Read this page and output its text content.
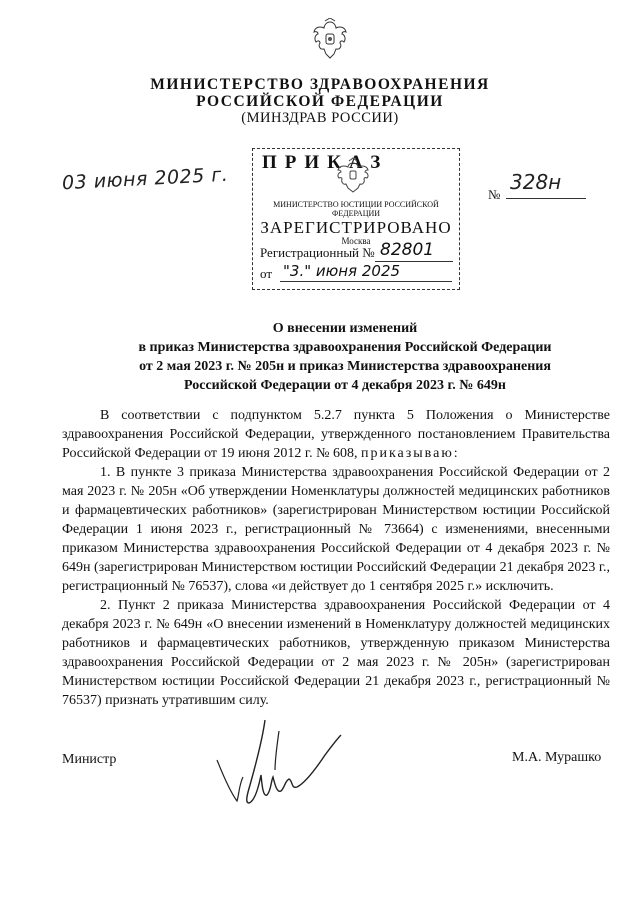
МИНИСТЕРСТВО ЗДРАВООХРАНЕНИЯ
РОССИЙСКОЙ ФЕДЕРАЦИИ
(МИНЗДРАВ РОССИИ)
03 июня 2025 г.
№
328н
ПРИКАЗ
МИНИСТЕРСТВО ЮСТИЦИИ РОССИЙСКОЙ ФЕДЕРАЦИИ
ЗАРЕГИСТРИРОВАНО
Москва
Регистрационный № 82801
от "3." июня 2025
О внесении изменений
в приказ Министерства здравоохранения Российской Федерации
от 2 мая 2023 г. № 205н и приказ Министерства здравоохранения
Российской Федерации от 4 декабря 2023 г. № 649н

В соответствии с подпунктом 5.2.7 пункта 5 Положения о Министерстве здравоохранения Российской Федерации, утвержденного постановлением Правительства Российской Федерации от 19 июня 2012 г. № 608, приказываю:

1. В пункте 3 приказа Министерства здравоохранения Российской Федерации от 2 мая 2023 г. № 205н «Об утверждении Номенклатуры должностей медицинских работников и фармацевтических работников» (зарегистрирован Министерством юстиции Российской Федерации 1 июня 2023 г., регистрационный № 73664) с изменениями, внесенными приказом Министерства здравоохранения Российской Федерации от 4 декабря 2023 г. № 649н (зарегистрирован Министерством юстиции Российский Федерации 21 декабря 2023 г., регистрационный № 76537), слова «и действует до 1 сентября 2025 г.» исключить.

2. Пункт 2 приказа Министерства здравоохранения Российской Федерации от 4 декабря 2023 г. № 649н «О внесении изменений в Номенклатуру должностей медицинских работников и фармацевтических работников, утвержденную приказом Министерства здравоохранения Российской Федерации от 2 мая 2023 г. № 205н» (зарегистрирован Министерством юстиции Российской Федерации 21 декабря 2023 г., регистрационный № 76537) признать утратившим силу.

Министр	М.А. Мурашко
